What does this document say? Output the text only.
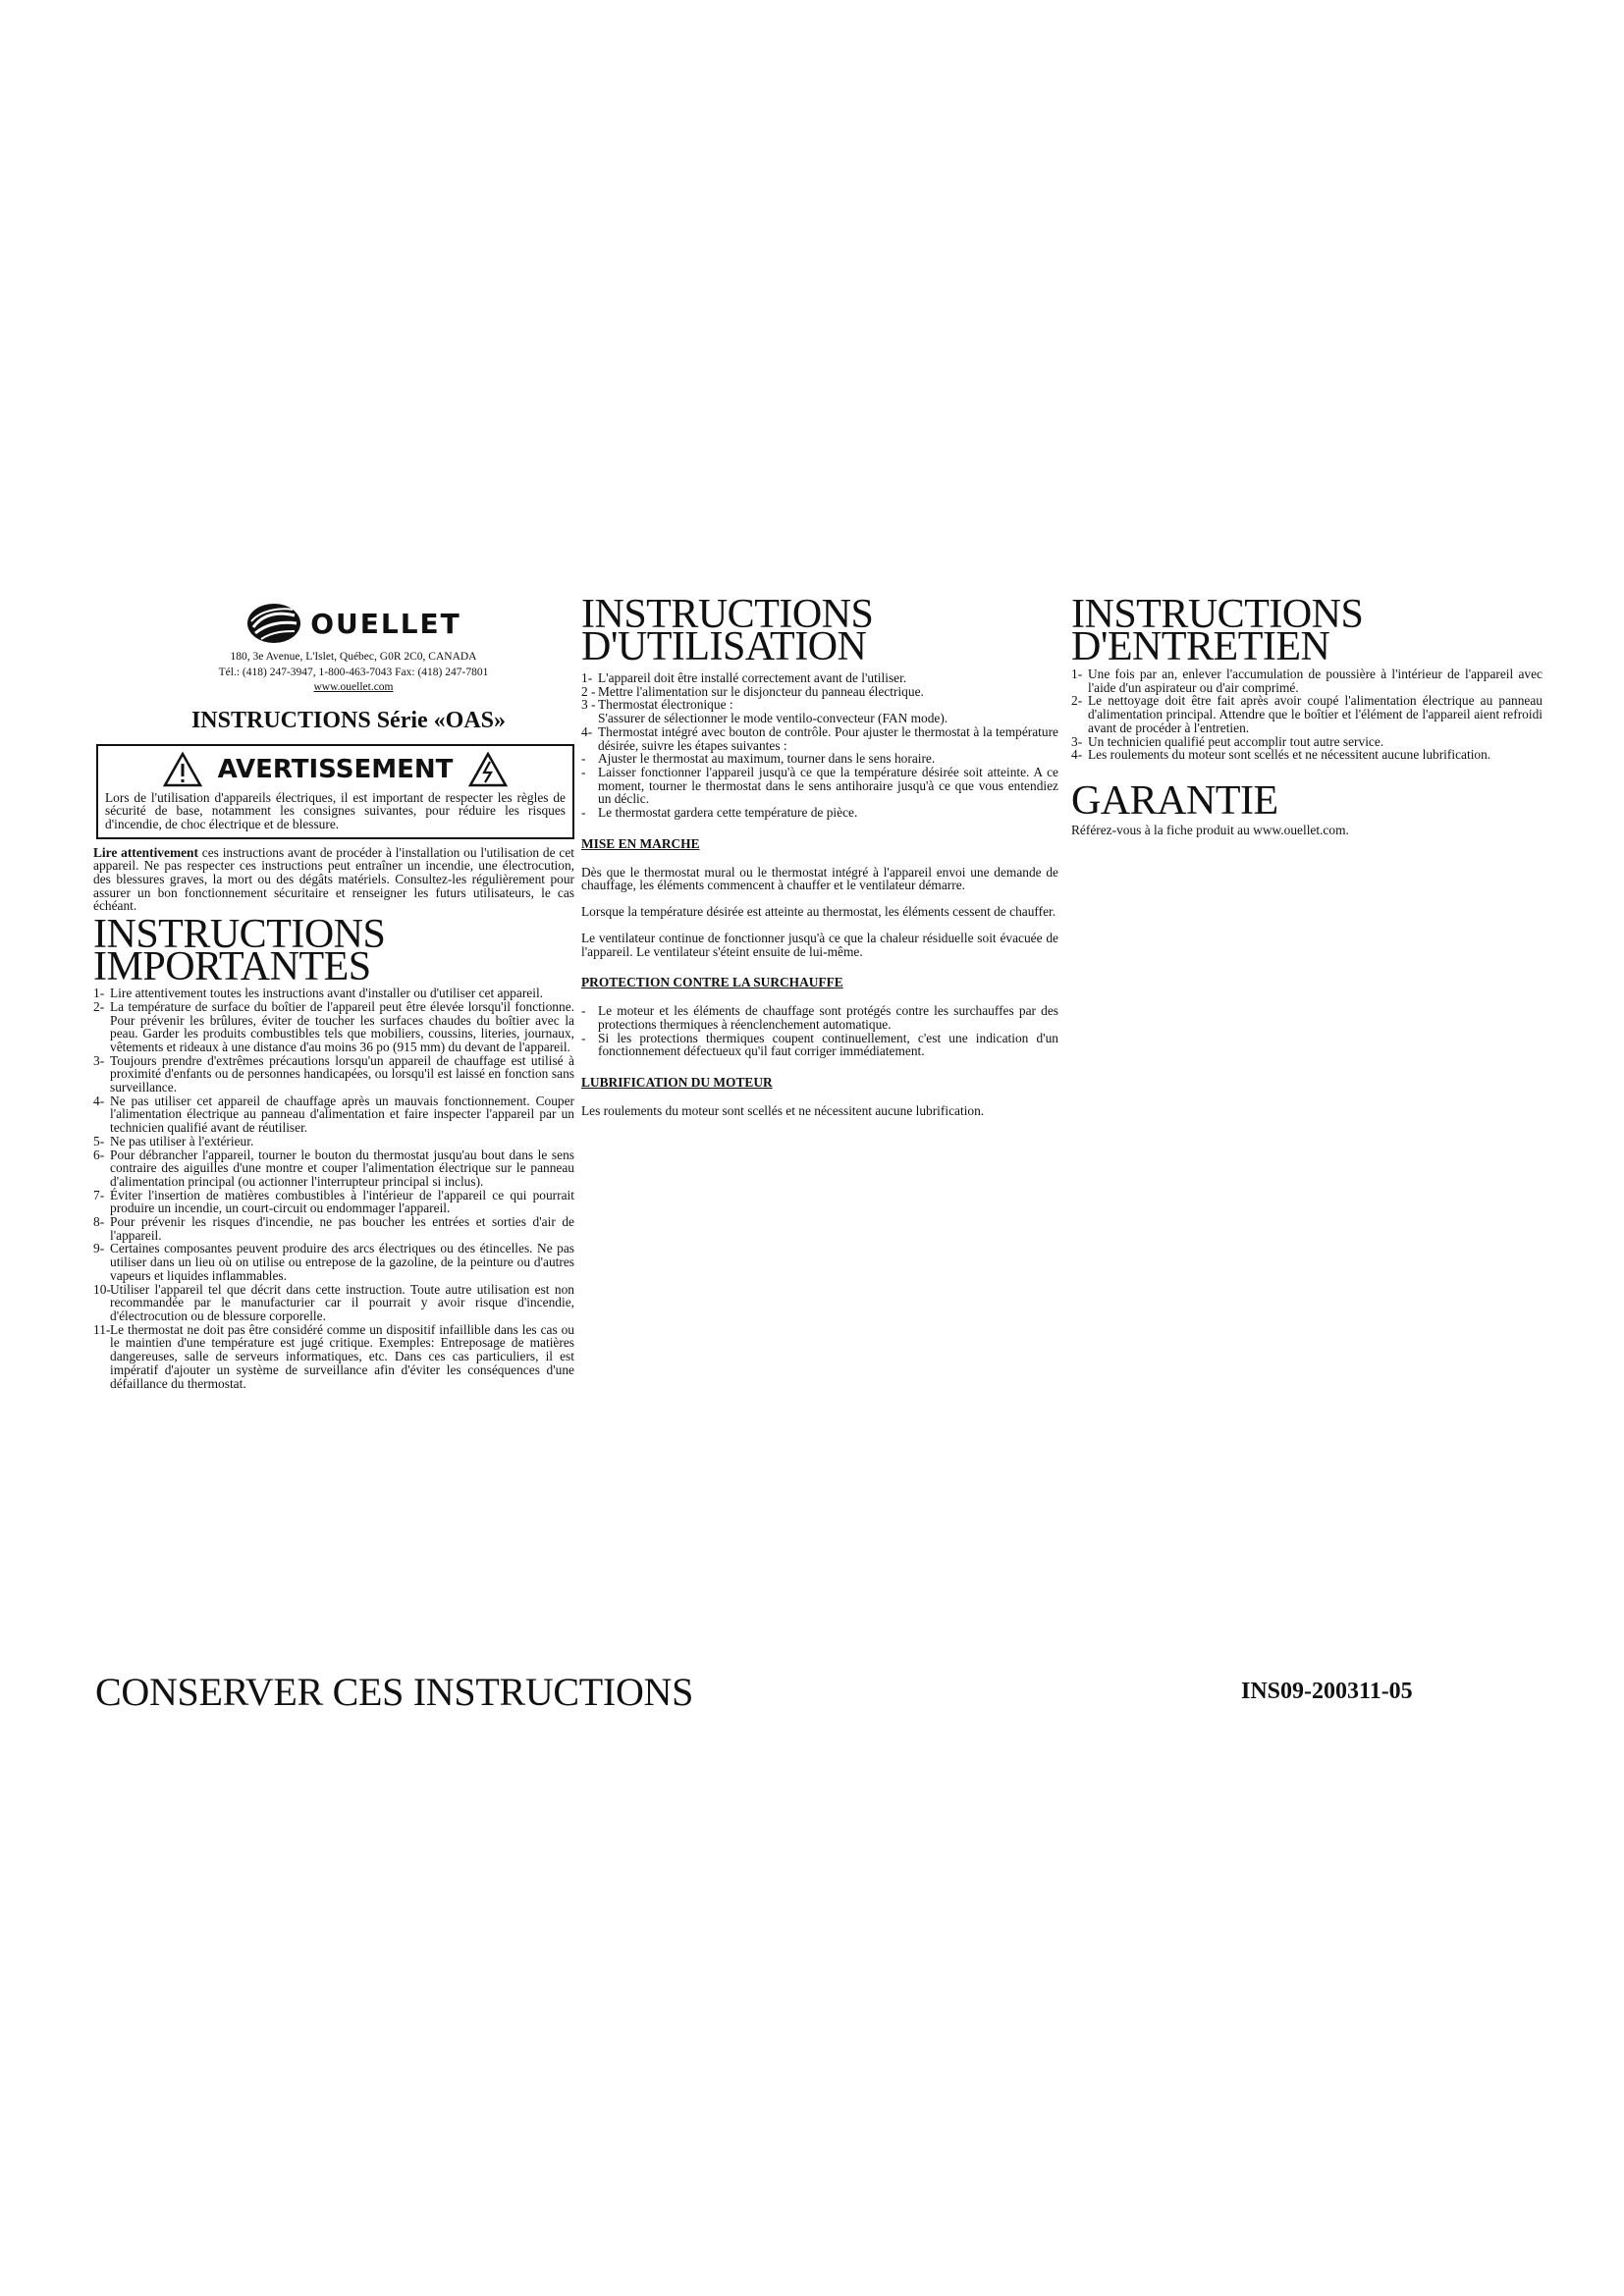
OUELLET
180, 3e Avenue, L'Islet, Québec, G0R 2C0, CANADA
Tél.: (418) 247-3947, 1-800-463-7043 Fax: (418) 247-7801
www.ouellet.com
INSTRUCTIONS Série «OAS»
AVERTISSEMENT

Lors de l'utilisation d'appareils électriques, il est important de respecter les règles de sécurité de base, notamment les consignes suivantes, pour réduire les risques d'incendie, de choc électrique et de blessure.

Lire attentivement ces instructions avant de procéder à l'installation ou l'utilisation de cet appareil. Ne pas respecter ces instructions peut entraîner un incendie, une électrocution, des blessures graves, la mort ou des dégâts matériels. Consultez-les régulièrement pour assurer un bon fonctionnement sécuritaire et renseigner les futurs utilisateurs, le cas échéant.

INSTRUCTIONS
IMPORTANTES

1- Lire attentivement toutes les instructions avant d'installer ou d'utiliser cet appareil.

2- La température de surface du boîtier de l'appareil peut être élevée lorsqu'il fonctionne. Pour prévenir les brûlures, éviter de toucher les surfaces chaudes du boîtier avec la peau. Garder les produits combustibles tels que mobiliers, coussins, literies, journaux, vêtements et rideaux à une distance d'au moins 36 po (915 mm) du devant de l'appareil.

3- Toujours prendre d'extrêmes précautions lorsqu'un appareil de chauffage est utilisé à proximité d'enfants ou de personnes handicapées, ou lorsqu'il est laissé en fonction sans surveillance.

4- Ne pas utiliser cet appareil de chauffage après un mauvais fonctionnement. Couper l'alimentation électrique au panneau d'alimentation et faire inspecter l'appareil par un technicien qualifié avant de réutiliser.

5- Ne pas utiliser à l'extérieur.

6- Pour débrancher l'appareil, tourner le bouton du thermostat jusqu'au bout dans le sens contraire des aiguilles d'une montre et couper l'alimentation électrique sur le panneau d'alimentation principal (ou actionner l'interrupteur principal si inclus).

7- Éviter l'insertion de matières combustibles à l'intérieur de l'appareil ce qui pourrait produire un incendie, un court-circuit ou endommager l'appareil.

8- Pour prévenir les risques d'incendie, ne pas boucher les entrées et sorties d'air de l'appareil.

9- Certaines composantes peuvent produire des arcs électriques ou des étincelles. Ne pas utiliser dans un lieu où on utilise ou entrepose de la gazoline, de la peinture ou d'autres vapeurs et liquides inflammables.

10-Utiliser l'appareil tel que décrit dans cette instruction. Toute autre utilisation est non recommandée par le manufacturier car il pourrait y avoir risque d'incendie, d'électrocution ou de blessure corporelle.

11-Le thermostat ne doit pas être considéré comme un dispositif infaillible dans les cas ou le maintien d'une température est jugé critique. Exemples: Entreposage de matières dangereuses, salle de serveurs informatiques, etc. Dans ces cas particuliers, il est impératif d'ajouter un système de surveillance afin d'éviter les conséquences d'une défaillance du thermostat.

INSTRUCTIONS
D'UTILISATION

1- L'appareil doit être installé correctement avant de l'utiliser.

2 - Mettre l'alimentation sur le disjoncteur du panneau électrique.

3 - Thermostat électronique :

S'assurer de sélectionner le mode ventilo-convecteur (FAN mode).

4- Thermostat intégré avec bouton de contrôle. Pour ajuster le thermostat à la température désirée, suivre les étapes suivantes :

- Ajuster le thermostat au maximum, tourner dans le sens horaire.

- Laisser fonctionner l'appareil jusqu'à ce que la température désirée soit atteinte. A ce moment, tourner le thermostat dans le sens antihoraire jusqu'à ce que vous entendiez un déclic.

- Le thermostat gardera cette température de pièce.

MISE EN MARCHE

Dès que le thermostat mural ou le thermostat intégré à l'appareil envoi une demande de chauffage, les éléments commencent à chauffer et le ventilateur démarre.

Lorsque la température désirée est atteinte au thermostat, les éléments cessent de chauffer.

Le ventilateur continue de fonctionner jusqu'à ce que la chaleur résiduelle soit évacuée de l'appareil. Le ventilateur s'éteint ensuite de lui-même.

PROTECTION CONTRE LA SURCHAUFFE

- Le moteur et les éléments de chauffage sont protégés contre les surchauffes par des protections thermiques à réenclenchement automatique.

- Si les protections thermiques coupent continuellement, c'est une indication d'un fonctionnement défectueux qu'il faut corriger immédiatement.

LUBRIFICATION DU MOTEUR

Les roulements du moteur sont scellés et ne nécessitent aucune lubrification.

INSTRUCTIONS
D'ENTRETIEN

1- Une fois par an, enlever l'accumulation de poussière à l'intérieur de l'appareil avec l'aide d'un aspirateur ou d'air comprimé.

2- Le nettoyage doit être fait après avoir coupé l'alimentation électrique au panneau d'alimentation principal. Attendre que le boîtier et l'élément de l'appareil aient refroidi avant de procéder à l'entretien.

3- Un technicien qualifié peut accomplir tout autre service.

4- Les roulements du moteur sont scellés et ne nécessitent aucune lubrification.

GARANTIE

Référez-vous à la fiche produit au www.ouellet.com.

CONSERVER CES INSTRUCTIONS	INS09-200311-05
